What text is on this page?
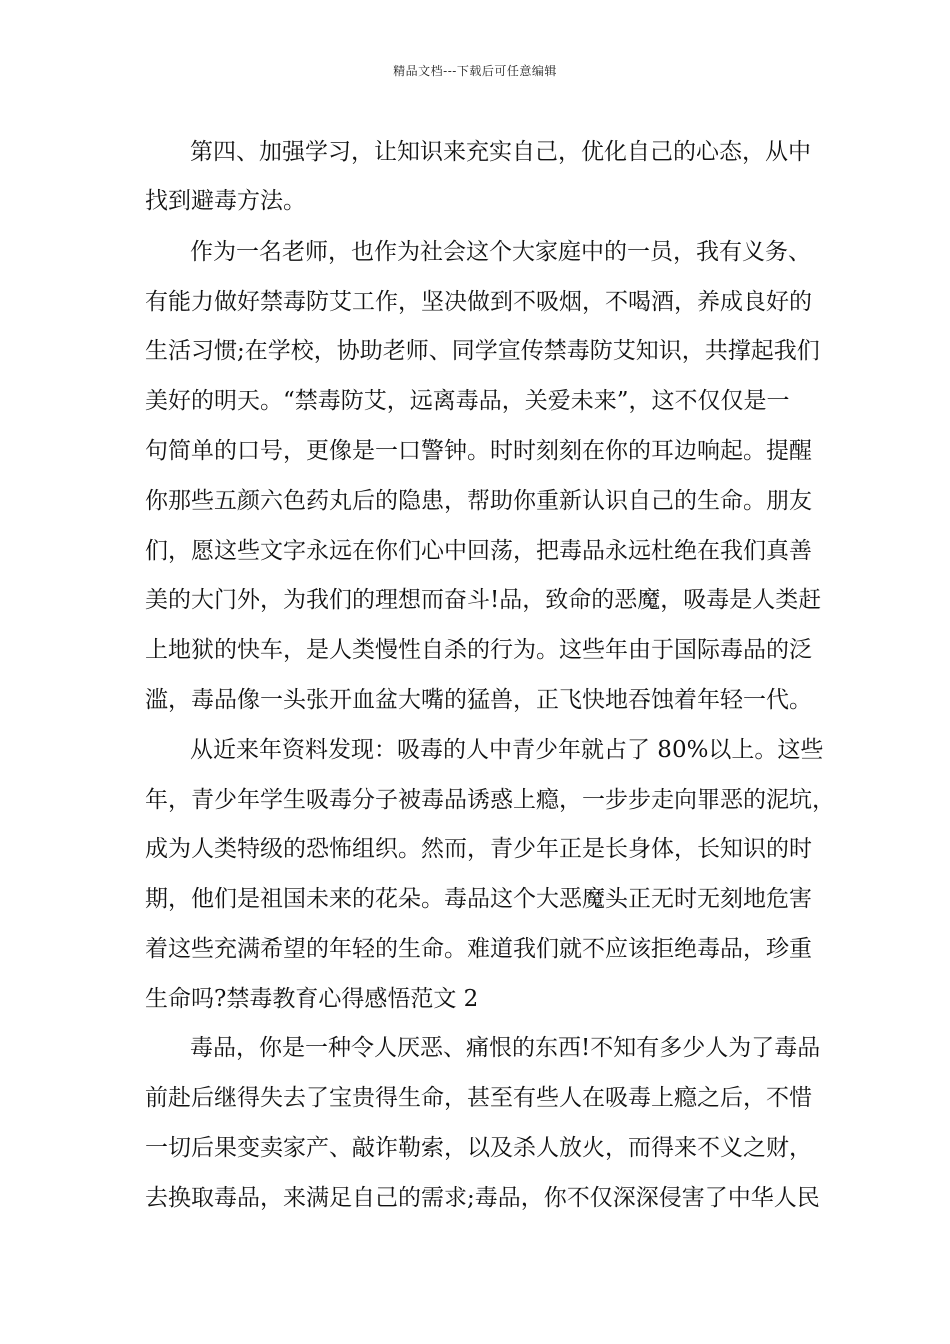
精品文档---下载后可任意编辑
第四、加强学习，让知识来充实自己，优化自己的心态，从中
找到避毒方法。
作为一名老师，也作为社会这个大家庭中的一员，我有义务、
有能力做好禁毒防艾工作，坚决做到不吸烟，不喝酒，养成良好的
生活习惯;在学校，协助老师、同学宣传禁毒防艾知识，共撑起我们
美好的明天。“禁毒防艾，远离毒品，关爱未来”，这不仅仅是一
句简单的口号，更像是一口警钟。时时刻刻在你的耳边响起。提醒
你那些五颜六色药丸后的隐患，帮助你重新认识自己的生命。朋友
们，愿这些文字永远在你们心中回荡，把毒品永远杜绝在我们真善
美的大门外，为我们的理想而奋斗!品，致命的恶魔，吸毒是人类赶
上地狱的快车，是人类慢性自杀的行为。这些年由于国际毒品的泛
滥，毒品像一头张开血盆大嘴的猛兽，正飞快地吞蚀着年轻一代。
从近来年资料发现：吸毒的人中青少年就占了 80%以上。这些
年，青少年学生吸毒分子被毒品诱惑上瘾，一步步走向罪恶的泥坑，
成为人类特级的恐怖组织。然而，青少年正是长身体，长知识的时
期，他们是祖国未来的花朵。毒品这个大恶魔头正无时无刻地危害
着这些充满希望的年轻的生命。难道我们就不应该拒绝毒品，珍重
生命吗?禁毒教育心得感悟范文 2
毒品，你是一种令人厌恶、痛恨的东西!不知有多少人为了毒品
前赴后继得失去了宝贵得生命，甚至有些人在吸毒上瘾之后，不惜
一切后果变卖家产、敲诈勒索，以及杀人放火，而得来不义之财，
去换取毒品，来满足自己的需求;毒品，你不仅深深侵害了中华人民
